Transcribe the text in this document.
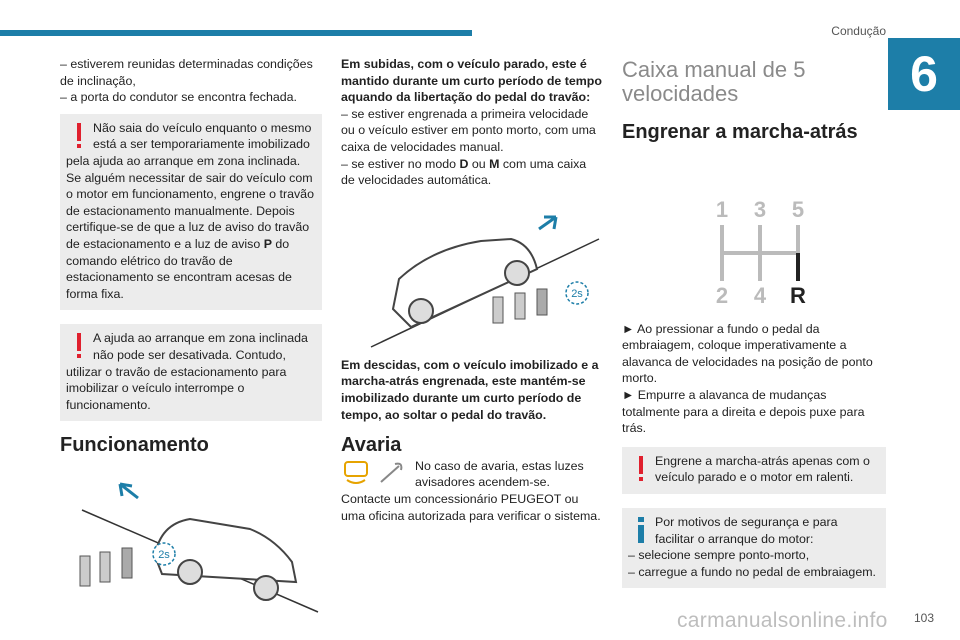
Condução
6

– estiverem reunidas determinadas condições de inclinação,

– a porta do condutor se encontra fechada.

Não saia do veículo enquanto o mesmo está a ser temporariamente imobilizado

pela ajuda ao arranque em zona inclinada. Se alguém necessitar de sair do veículo com o motor em funcionamento, engrene o travão de estacionamento manualmente. Depois certifique-se de que a luz de aviso do travão de estacionamento e a luz de aviso P do comando elétrico do travão de estacionamento se encontram acesas de forma fixa.

A ajuda ao arranque em zona inclinada não pode ser desativada. Contudo,

utilizar o travão de estacionamento para imobilizar o veículo interrompe o funcionamento.

Funcionamento
2s

Em subidas, com o veículo parado, este é mantido durante um curto período de tempo aquando da libertação do pedal do travão:

– se estiver engrenada a primeira velocidade ou o veículo estiver em ponto morto, com uma caixa de velocidades manual.

– se estiver no modo D ou M com uma caixa de velocidades automática.

2s

Em descidas, com o veículo imobilizado e a marcha-atrás engrenada, este mantém-se imobilizado durante um curto período de tempo, ao soltar o pedal do travão.

Avaria

No caso de avaria, estas luzes avisadores acendem-se.

Contacte um concessionário PEUGEOT ou uma oficina autorizada para verificar o sistema.

Caixa manual de 5 velocidades
Engrenar a marcha-atrás
1 3 5
2 4 R

► Ao pressionar a fundo o pedal da embraiagem, coloque imperativamente a alavanca de velocidades na posição de ponto morto.

► Empurre a alavanca de mudanças totalmente para a direita e depois puxe para trás.

Engrene a marcha-atrás apenas com o veículo parado e o motor em ralenti.

Por motivos de segurança e para facilitar o arranque do motor:

– selecione sempre ponto-morto,

– carregue a fundo no pedal de embraiagem.

carmanualsonline.info 103
